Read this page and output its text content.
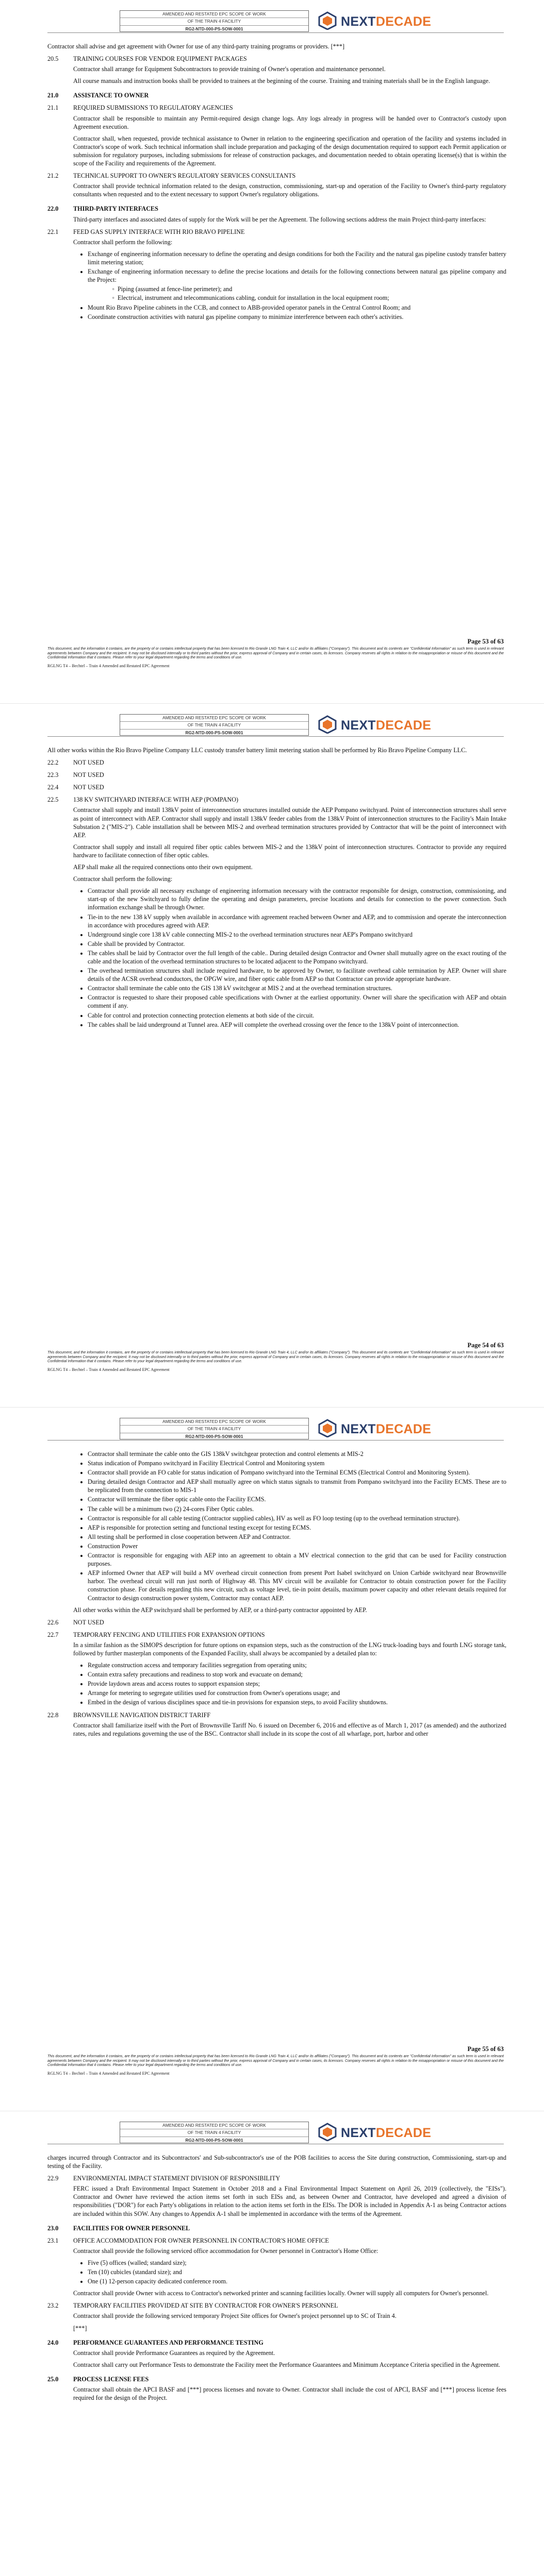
AMENDED AND RESTATED EPC SCOPE OF WORK
OF THE TRAIN 4 FACILITY
RG2-NTD-000-PS-SOW-0001	NEXTDECADE

Contractor shall advise and get agreement with Owner for use of any third-party training programs or providers. [***]

20.5	TRAINING COURSES FOR VENDOR EQUIPMENT PACKAGES

Contractor shall arrange for Equipment Subcontractors to provide training of Owner's operation and maintenance personnel.

All course manuals and instruction books shall be provided to trainees at the beginning of the course. Training and training materials shall be in the English language.

21.0	ASSISTANCE TO OWNER
21.1	REQUIRED SUBMISSIONS TO REGULATORY AGENCIES

Contractor shall be responsible to maintain any Permit-required design change logs. Any logs already in progress will be handed over to Contractor's custody upon Agreement execution.

Contractor shall, when requested, provide technical assistance to Owner in relation to the engineering specification and operation of the facility and systems included in Contractor's scope of work. Such technical information shall include preparation and packaging of the design documentation required to support each Permit application or submission for regulatory purposes, including submissions for release of construction packages, and documentation needed to obtain operating license(s) that is within the scope of the Facility and requirements of the Agreement.

21.2	TECHNICAL SUPPORT TO OWNER'S REGULATORY SERVICES CONSULTANTS

Contractor shall provide technical information related to the design, construction, commissioning, start-up and operation of the Facility to Owner's third-party regulatory consultants when requested and to the extent necessary to support Owner's regulatory obligations.

22.0	THIRD-PARTY INTERFACES

Third-party interfaces and associated dates of supply for the Work will be per the Agreement. The following sections address the main Project third-party interfaces:

22.1	FEED GAS SUPPLY INTERFACE WITH RIO BRAVO PIPELINE

Contractor shall perform the following:

• Exchange of engineering information necessary to define the operating and design conditions for both the Facility and the natural gas pipeline custody transfer battery limit metering station;
• Exchange of engineering information necessary to define the precise locations and details for the following connections between natural gas pipeline company and the Project:
◦ Piping (assumed at fence-line perimeter); and
◦ Electrical, instrument and telecommunications cabling, conduit for installation in the local equipment room;
• Mount Rio Bravo Pipeline cabinets in the CCB, and connect to ABB-provided operator panels in the Central Control Room; and
• Coordinate construction activities with natural gas pipeline company to minimize interference between each other's activities.
Page 53 of 63
This document, and the information it contains, are the property of or contains intellectual property that has been licensed to Rio Grande LNG Train 4, LLC and/or its affiliates ("Company"). This document and its contents are "Confidential Information" as such term is used in relevant agreements between Company and the recipient. It may not be disclosed internally or to third parties without the prior, express approval of Company and in certain cases, its licensors. Company reserves all rights in relation to the misappropriation or misuse of this document and the Confidential Information that it contains. Please refer to your legal department regarding the terms and conditions of use.
RGLNG T4 – Bechtel – Train 4 Amended and Restated EPC Agreement
AMENDED AND RESTATED EPC SCOPE OF WORK
OF THE TRAIN 4 FACILITY
RG2-NTD-000-PS-SOW-0001	NEXTDECADE

All other works within the Rio Bravo Pipeline Company LLC custody transfer battery limit metering station shall be performed by Rio Bravo Pipeline Company LLC.

22.2	NOT USED
22.3	NOT USED
22.4	NOT USED
22.5	138 KV SWITCHYARD INTERFACE WITH AEP (POMPANO)

Contractor shall supply and install 138kV point of interconnection structures installed outside the AEP Pompano switchyard. Point of interconnection structures shall serve as point of interconnect with AEP. Contractor shall supply and install 138kV feeder cables from the 138kV Point of interconnection structures to the Facility's Main Intake Substation 2 ("MIS-2"). Cable installation shall be between MIS-2 and overhead termination structures provided by Contractor that will be the point of interconnect with AEP.

Contractor shall supply and install all required fiber optic cables between MIS-2 and the 138kV point of interconnection structures. Contractor to provide any required hardware to facilitate connection of fiber optic cables.

AEP shall make all the required connections onto their own equipment.

Contractor shall perform the following:

• Contractor shall provide all necessary exchange of engineering information necessary with the contractor responsible for design, construction, commissioning, and start-up of the new Switchyard to fully define the operating and design parameters, precise locations and details for connection to the power connection. Such information exchange shall be through Owner.
• Tie-in to the new 138 kV supply when available in accordance with agreement reached between Owner and AEP, and to commission and operate the interconnection in accordance with procedures agreed with AEP.
• Underground single core 138 kV cable connecting MIS-2 to the overhead termination structures near AEP's Pompano switchyard
• Cable shall be provided by Contractor.
• The cables shall be laid by Contractor over the full length of the cable.. During detailed design Contractor and Owner shall mutually agree on the exact routing of the cable and the location of the overhead termination structures to be located adjacent to the Pompano switchyard.
• The overhead termination structures shall include required hardware, to be approved by Owner, to facilitate overhead cable termination by AEP. Owner will share details of the ACSR overhead conductors, the OPGW wire, and fiber optic cable from AEP so that Contractor can provide appropriate hardware.
• Contractor shall terminate the cable onto the GIS 138 kV switchgear at MIS 2 and at the overhead termination structures.
• Contractor is requested to share their proposed cable specifications with Owner at the earliest opportunity. Owner will share the specification with AEP and obtain comment if any.
• Cable for control and protection connecting protection elements at both side of the circuit.
• The cables shall be laid underground at Tunnel area. AEP will complete the overhead crossing over the fence to the 138kV point of interconnection.
Page 54 of 63
This document, and the information it contains, are the property of or contains intellectual property that has been licensed to Rio Grande LNG Train 4, LLC and/or its affiliates ("Company"). This document and its contents are "Confidential Information" as such term is used in relevant agreements between Company and the recipient. It may not be disclosed internally or to third parties without the prior, express approval of Company and in certain cases, its licensors. Company reserves all rights in relation to the misappropriation or misuse of this document and the Confidential Information that it contains. Please refer to your legal department regarding the terms and conditions of use.
RGLNG T4 – Bechtel – Train 4 Amended and Restated EPC Agreement
AMENDED AND RESTATED EPC SCOPE OF WORK
OF THE TRAIN 4 FACILITY
RG2-NTD-000-PS-SOW-0001	NEXTDECADE
• Contractor shall terminate the cable onto the GIS 138kV switchgear protection and control elements at MIS-2
• Status indication of Pompano switchyard in Facility Electrical Control and Monitoring system
• Contractor shall provide an FO cable for status indication of Pompano switchyard into the Terminal ECMS (Electrical Control and Monitoring System).
• During detailed design Contractor and AEP shall mutually agree on which status signals to transmit from Pompano switchyard into the Facility ECMS. These are to be replicated from the connection to MIS-1
• Contractor will terminate the fiber optic cable onto the Facility ECMS.
• The cable will be a minimum two (2) 24-cores Fiber Optic cables.
• Contractor is responsible for all cable testing (Contractor supplied cables), HV as well as FO loop testing (up to the overhead termination structure).
• AEP is responsible for protection setting and functional testing except for testing ECMS.
• All testing shall be performed in close cooperation between AEP and Contractor.
• Construction Power
• Contractor is responsible for engaging with AEP into an agreement to obtain a MV electrical connection to the grid that can be used for Facility construction purposes.
• AEP informed Owner that AEP will build a MV overhead circuit connection from present Port Isabel switchyard on Union Carbide switchyard near Brownsville harbor. The overhead circuit will run just north of Highway 48. This MV circuit will be available for Contractor to obtain construction power for the Facility construction phase. For details regarding this new circuit, such as voltage level, tie-in point details, maximum power capacity and other relevant details required for Contractor to design construction power system, Contractor may contact AEP.

All other works within the AEP switchyard shall be performed by AEP, or a third-party contractor appointed by AEP.

22.6	NOT USED
22.7	TEMPORARY FENCING AND UTILITIES FOR EXPANSION OPTIONS

In a similar fashion as the SIMOPS description for future options on expansion steps, such as the construction of the LNG truck-loading bays and fourth LNG storage tank, followed by further masterplan components of the Expanded Facility, shall always be accompanied by a detailed plan to:

• Regulate construction access and temporary facilities segregation from operating units;
• Contain extra safety precautions and readiness to stop work and evacuate on demand;
• Provide laydown areas and access routes to support expansion steps;
• Arrange for metering to segregate utilities used for construction from Owner's operations usage; and
• Embed in the design of various disciplines space and tie-in provisions for expansion steps, to avoid Facility shutdowns.
22.8	BROWNSVILLE NAVIGATION DISTRICT TARIFF

Contractor shall familiarize itself with the Port of Brownsville Tariff No. 6 issued on December 6, 2016 and effective as of March 1, 2017 (as amended) and the authorized rates, rules and regulations governing the use of the BSC. Contractor shall include in its scope the cost of all wharfage, port, harbor and other

Page 55 of 63
This document, and the information it contains, are the property of or contains intellectual property that has been licensed to Rio Grande LNG Train 4, LLC and/or its affiliates ("Company"). This document and its contents are "Confidential Information" as such term is used in relevant agreements between Company and the recipient. It may not be disclosed internally or to third parties without the prior, express approval of Company and in certain cases, its licensors. Company reserves all rights in relation to the misappropriation or misuse of this document and the Confidential Information that it contains. Please refer to your legal department regarding the terms and conditions of use.
RGLNG T4 – Bechtel – Train 4 Amended and Restated EPC Agreement
AMENDED AND RESTATED EPC SCOPE OF WORK
OF THE TRAIN 4 FACILITY
RG2-NTD-000-PS-SOW-0001	NEXTDECADE

charges incurred through Contractor and its Subcontractors' and Sub-subcontractor's use of the POB facilities to access the Site during construction, Commissioning, start-up and testing of the Facility.

22.9	ENVIRONMENTAL IMPACT STATEMENT DIVISION OF RESPONSIBILITY

FERC issued a Draft Environmental Impact Statement in October 2018 and a Final Environmental Impact Statement on April 26, 2019 (collectively, the "EISs"). Contractor and Owner have reviewed the action items set forth in such EISs and, as between Owner and Contractor, have developed and agreed a division of responsibilities ("DOR") for each Party's obligations in relation to the action items set forth in the EISs. The DOR is included in Appendix A-1 as being Contractor actions are included within this SOW. Any changes to Appendix A-1 shall be implemented in accordance with the terms of the Agreement.

23.0	FACILITIES FOR OWNER PERSONNEL
23.1	OFFICE ACCOMMODATION FOR OWNER PERSONNEL IN CONTRACTOR'S HOME OFFICE

Contractor shall provide the following serviced office accommodation for Owner personnel in Contractor's Home Office:

• Five (5) offices (walled; standard size);
• Ten (10) cubicles (standard size); and
• One (1) 12-person capacity dedicated conference room.

Contractor shall provide Owner with access to Contractor's networked printer and scanning facilities locally. Owner will supply all computers for Owner's personnel.

23.2	TEMPORARY FACILITIES PROVIDED AT SITE BY CONTRACTOR FOR OWNER'S PERSONNEL

Contractor shall provide the following serviced temporary Project Site offices for Owner's project personnel up to SC of Train 4.

[***]

24.0	PERFORMANCE GUARANTEES AND PERFORMANCE TESTING

Contractor shall provide Performance Guarantees as required by the Agreement.

Contractor shall carry out Performance Tests to demonstrate the Facility meet the Performance Guarantees and Minimum Acceptance Criteria specified in the Agreement.

25.0	PROCESS LICENSE FEES

Contractor shall obtain the APCI BASF and [***] process licenses and novate to Owner. Contractor shall include the cost of APCI, BASF and [***] process license fees required for the design of the Project.
